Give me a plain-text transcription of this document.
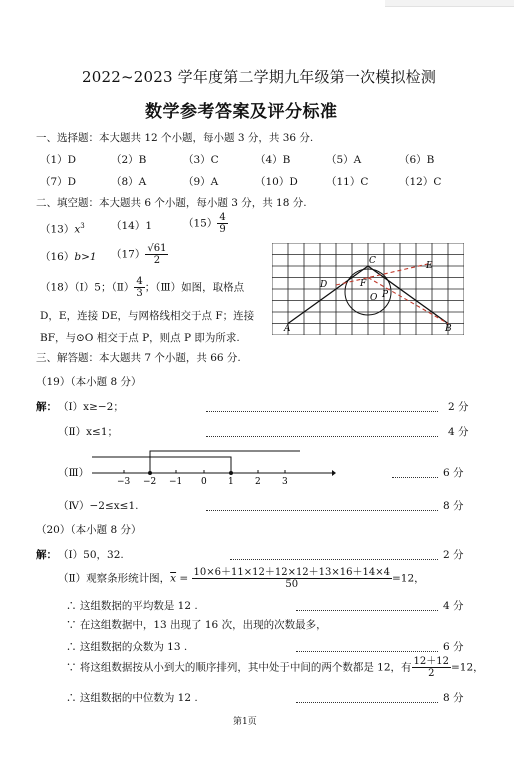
2022~2023 学年度第二学期九年级第一次模拟检测
数学参考答案及评分标准
一、选择题：本大题共 12 个小题，每小题 3 分，共 36 分.
（1）D	（2）B	（3）C	（4）B	（5）A	（6）B
（7）D	（8）A	（9）A	（10）D	（11）C	（12）C
二、填空题：本大题共 6 个小题，每小题 3 分，共 18 分.
$(13)x^3$ （14）1	$(15) \frac{4}{9}$
（16）b>1 $(17) \frac{√61}{2}$
（18）（Ⅰ）5；（Ⅱ） $\frac{4}{3}$ ；（Ⅲ）如图，取格点
D，E，连接 DE，与网格线相交于点 F；连接
BF，与⊙O 相交于点 P，则点 P 即为所求.
A	B
C
D
E
F
O P
三、解答题：本大题共 7 个小题，共 66 分.
（19）（本小题 8 分）
解： （Ⅰ）x≥−2；	2 分
（Ⅱ）x≤1；	4 分
（Ⅲ）
−3 −2 −1 0 1 2 3
6 分
（Ⅳ）−2≤x≤1.	8 分
（20）（本小题 8 分）
解： （Ⅰ）50，32.	2 分
（Ⅱ）观察条形统计图，$\overline{x} = \frac{10\times 6+11\times 12+12\times 12+13\times 16+14\times 4}{50} =12$，
∴ 这组数据的平均数是 12 .	4 分
∵ 在这组数据中，13 出现了 16 次，出现的次数最多，
∴ 这组数据的众数为 13 .	6 分
∵ 将这组数据按从小到大的顺序排列，其中处于中间的两个数都是 12，有 $\frac{12+12}{2} =12$，
∴ 这组数据的中位数为 12 .	8 分
第1页
